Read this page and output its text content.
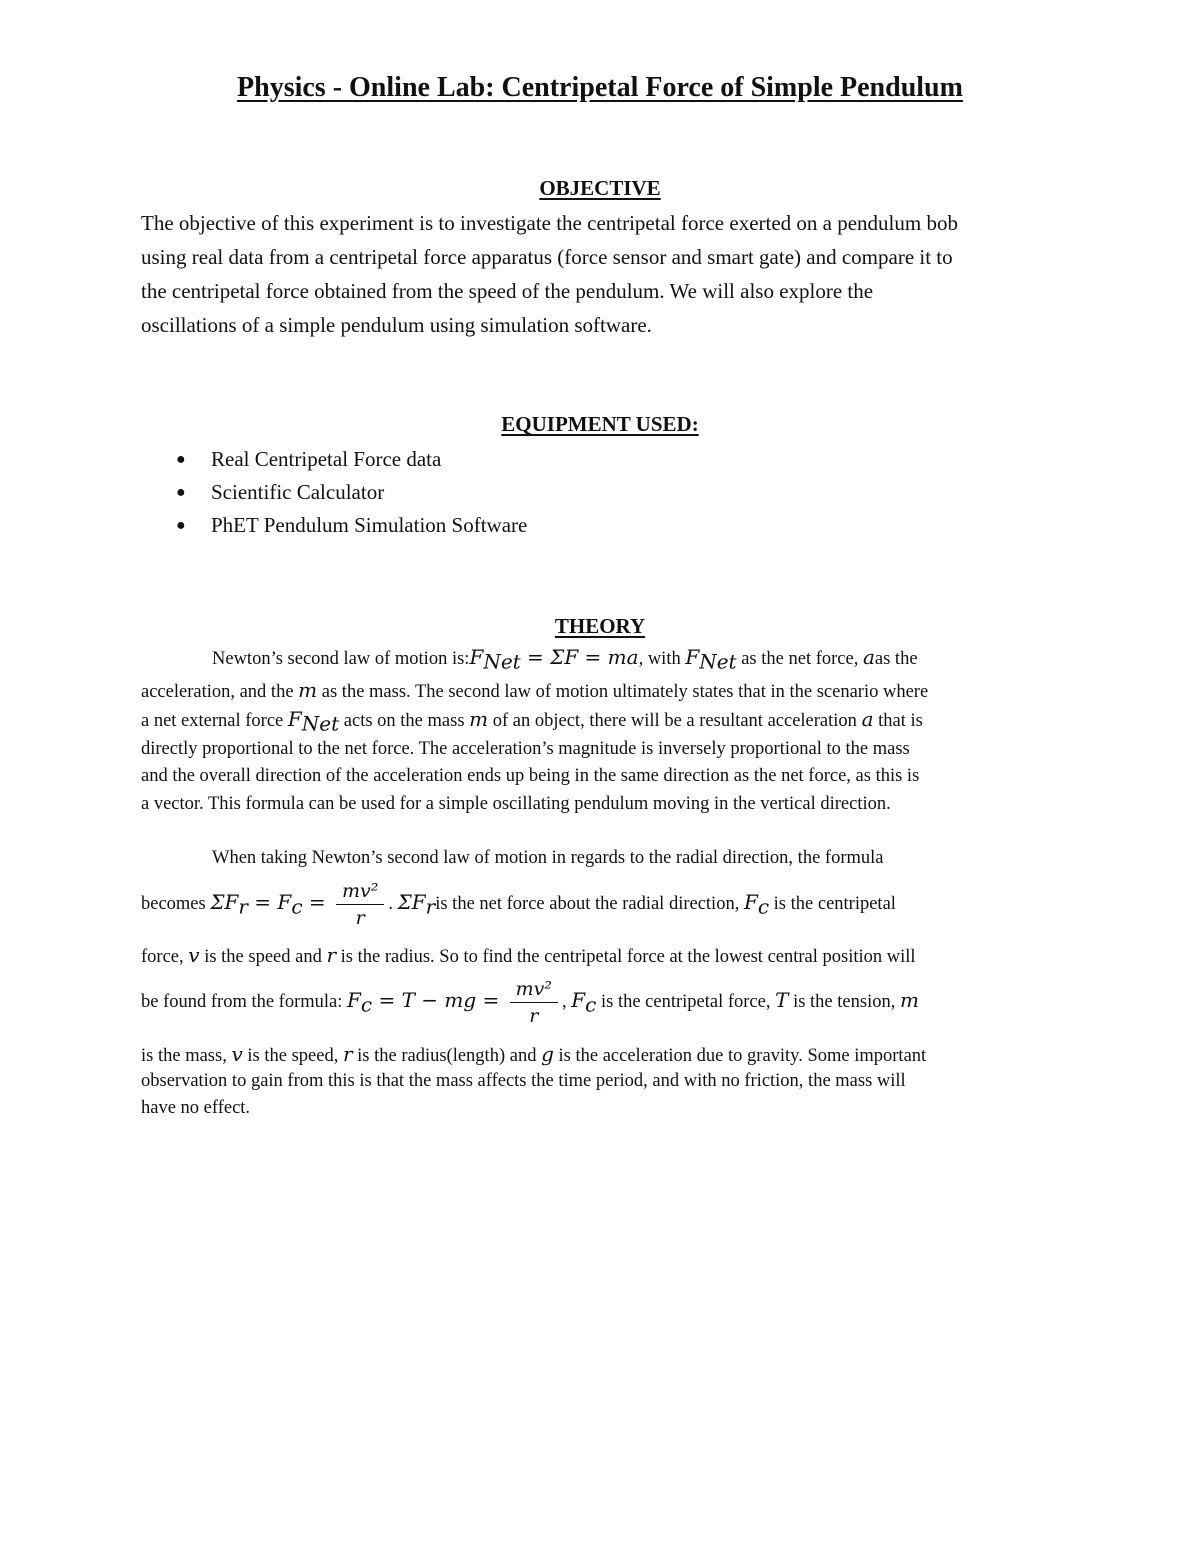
Physics - Online Lab: Centripetal Force of Simple Pendulum
OBJECTIVE

The objective of this experiment is to investigate the centripetal force exerted on a pendulum bob
using real data from a centripetal force apparatus (force sensor and smart gate) and compare it to
the centripetal force obtained from the speed of the pendulum. We will also explore the
oscillations of a simple pendulum using simulation software.

EQUIPMENT USED:
● Real Centripetal Force data
● Scientific Calculator
● PhET Pendulum Simulation Software
THEORY

Newton’s second law of motion $is:F_{Net} = \Sigma F$ = ma, with $F_{Net}$ as the net force, aas the

acceleration, and the m as the mass. The second law of motion ultimately states that in the scenario where

a net external force $F_{Net}$ acts on the mass m of an object, there will be a resultant acceleration a that is

directly proportional to the net force. The acceleration’s magnitude is inversely proportional to the mass

and the overall direction of the acceleration ends up being in the same direction as the net force, as this is

a vector. This formula can be used for a simple oscillating pendulum moving in the vertical direction.

When taking Newton’s second law of motion in regards to the radial direction, the formula

becomes $\Sigma F_r = F_c = \frac{\text{mv²}}{r}$ . $\Sigma F_ris$ the net force about the radial direction, $F_c$ is the centripetal

force, v is the speed and r is the radius. So to find the centripetal force at the lowest central position will

be found from the formula: $F_c = T$ − mg = $\frac{\text{mv²}}{r}$ , $F_c$ is the centripetal force, T is the tension, m

is the mass, v is the speed, r is the radius(length) and g is the acceleration due to gravity. Some important

observation to gain from this is that the mass affects the time period, and with no friction, the mass will

have no effect.
